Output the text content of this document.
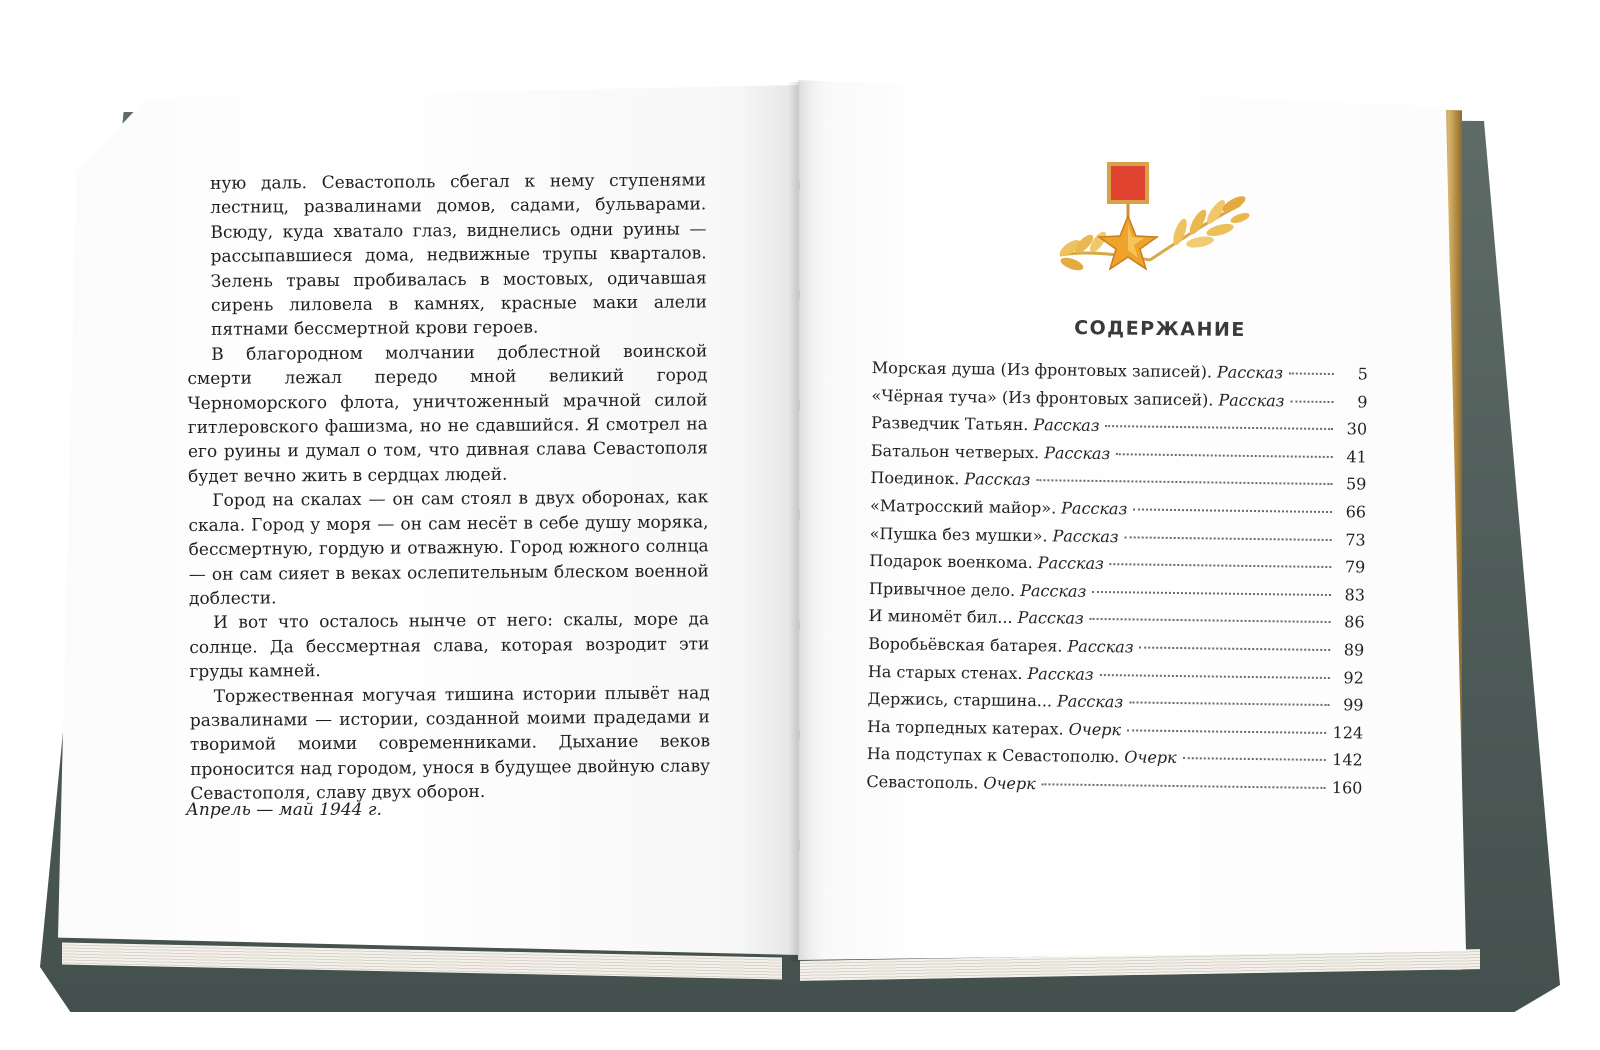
ную даль. Севастополь сбегал к нему ступенями лестниц, развалинами домов, садами, бульварами. Всюду, куда хватало глаз, виднелись одни руины — рассыпавшиеся дома, недвижные трупы кварталов. Зелень травы пробивалась в мостовых, одичавшая сирень лиловела в камнях, красные маки алели пятнами бессмертной крови героев.

В благородном молчании доблестной воинской смерти лежал передо мной великий город Черноморского флота, уничтоженный мрачной силой гитлеровского фашизма, но не сдавшийся. Я смотрел на его руины и думал о том, что дивная слава Севастополя будет вечно жить в сердцах людей.

Город на скалах — он сам стоял в двух оборонах, как скала. Город у моря — он сам несёт в себе душу моряка, бессмертную, гордую и отважную. Город южного солнца — он сам сияет в веках ослепительным блеском военной доблести.

И вот что осталось нынче от него: скалы, море да солнце. Да бессмертная слава, которая возродит эти груды камней.

Торжественная могучая тишина истории плывёт над развалинами — истории, созданной моими прадедами и творимой моими современниками. Дыхание веков проносится над городом, унося в будущее двойную славу Севастополя, славу двух оборон.

Апрель — май 1944 г.
СОДЕРЖАНИЕ
Морская душа (Из фронтовых записей). Рассказ	5
«Чёрная туча» (Из фронтовых записей). Рассказ	9
Разведчик Татьян. Рассказ	30
Батальон четверых. Рассказ	41
Поединок. Рассказ	59
«Матросский майор». Рассказ	66
«Пушка без мушки». Рассказ	73
Подарок военкома. Рассказ	79
Привычное дело. Рассказ	83
И миномёт бил... Рассказ	86
Воробьёвская батарея. Рассказ	89
На старых стенах. Рассказ	92
Держись, старшина... Рассказ	99
На торпедных катерах. Очерк	124
На подступах к Севастополю. Очерк	142
Севастополь. Очерк	160
